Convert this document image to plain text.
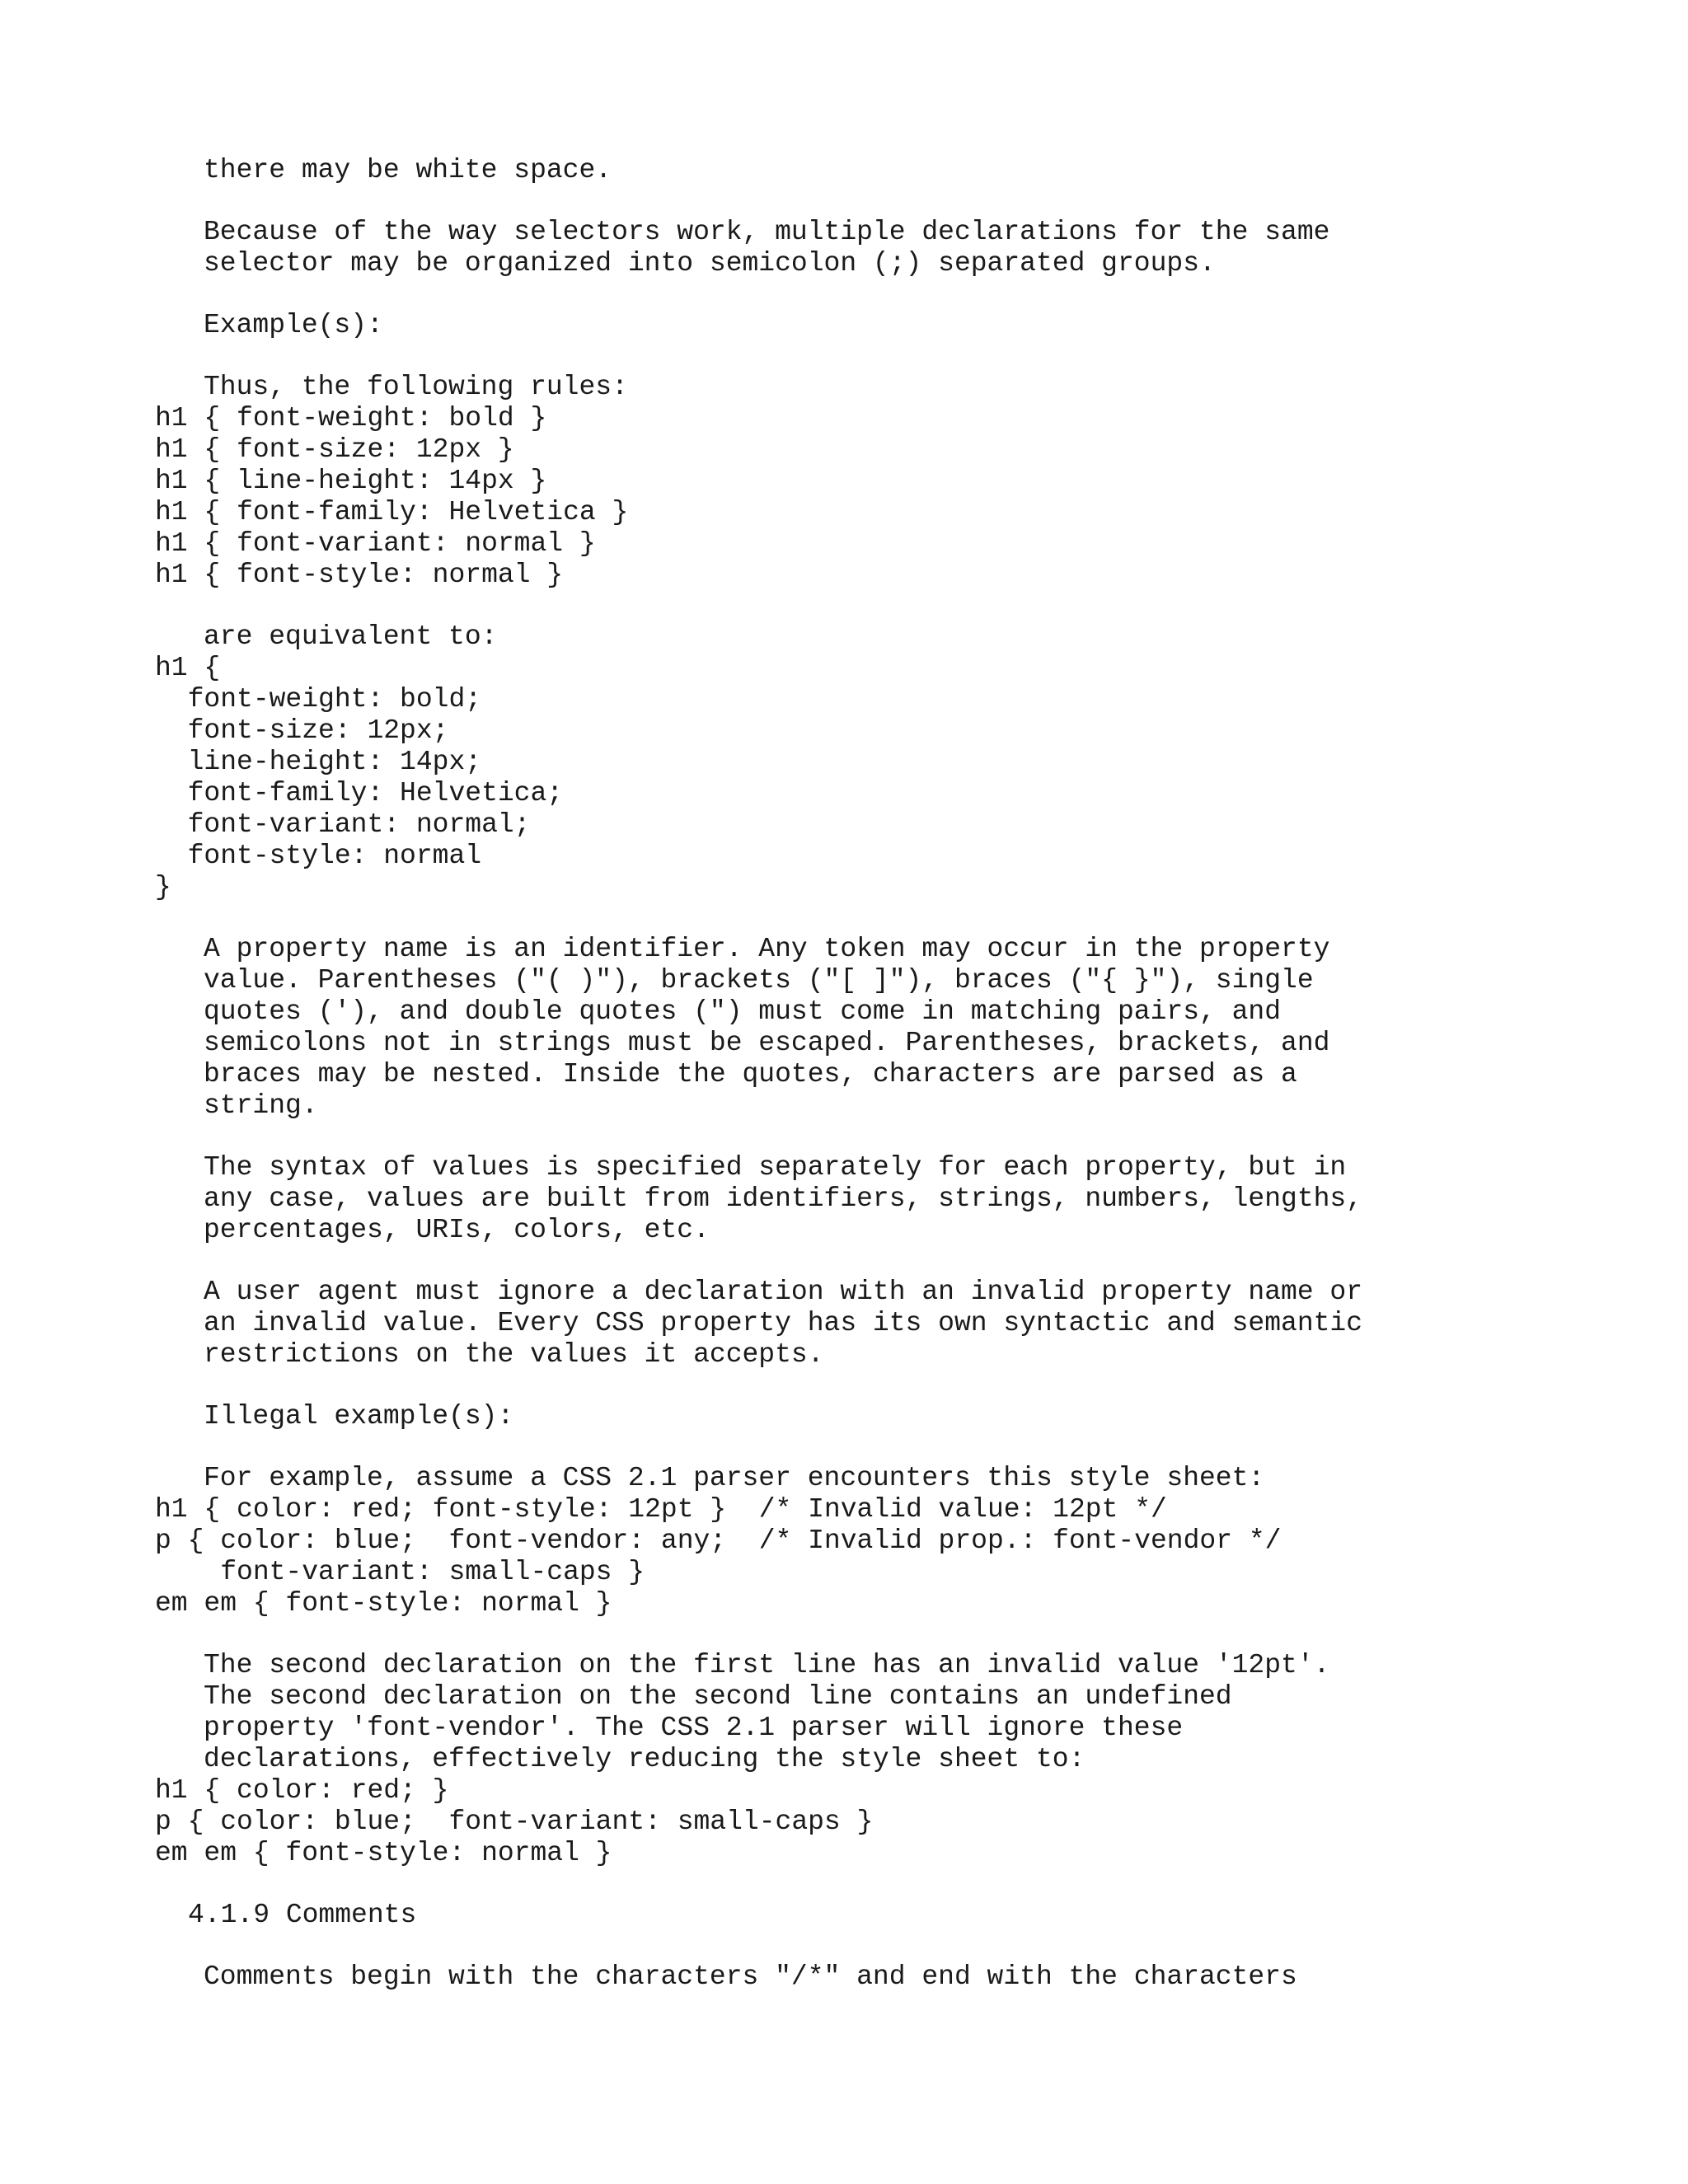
there may be white space.
Because of the way selectors work, multiple declarations for the same
selector may be organized into semicolon (;) separated groups.
Example(s):
Thus, the following rules:
h1 { font-weight: bold }
h1 { font-size: 12px }
h1 { line-height: 14px }
h1 { font-family: Helvetica }
h1 { font-variant: normal }
h1 { font-style: normal }
are equivalent to:
h1 {
font-weight: bold;
font-size: 12px;
line-height: 14px;
font-family: Helvetica;
font-variant: normal;
font-style: normal
}
A property name is an identifier. Any token may occur in the property
value. Parentheses ("( )"), brackets ("[ ]"), braces ("{ }"), single
quotes ('), and double quotes (") must come in matching pairs, and
semicolons not in strings must be escaped. Parentheses, brackets, and
braces may be nested. Inside the quotes, characters are parsed as a
string.
The syntax of values is specified separately for each property, but in
any case, values are built from identifiers, strings, numbers, lengths,
percentages, URIs, colors, etc.
A user agent must ignore a declaration with an invalid property name or
an invalid value. Every CSS property has its own syntactic and semantic
restrictions on the values it accepts.
Illegal example(s):
For example, assume a CSS 2.1 parser encounters this style sheet:
h1 { color: red; font-style: 12pt }  /* Invalid value: 12pt */
p { color: blue;  font-vendor: any;  /* Invalid prop.: font-vendor */
font-variant: small-caps }
em em { font-style: normal }
The second declaration on the first line has an invalid value '12pt'.
The second declaration on the second line contains an undefined
property 'font-vendor'. The CSS 2.1 parser will ignore these
declarations, effectively reducing the style sheet to:
h1 { color: red; }
p { color: blue;  font-variant: small-caps }
em em { font-style: normal }
4.1.9 Comments
Comments begin with the characters "/*" and end with the characters
